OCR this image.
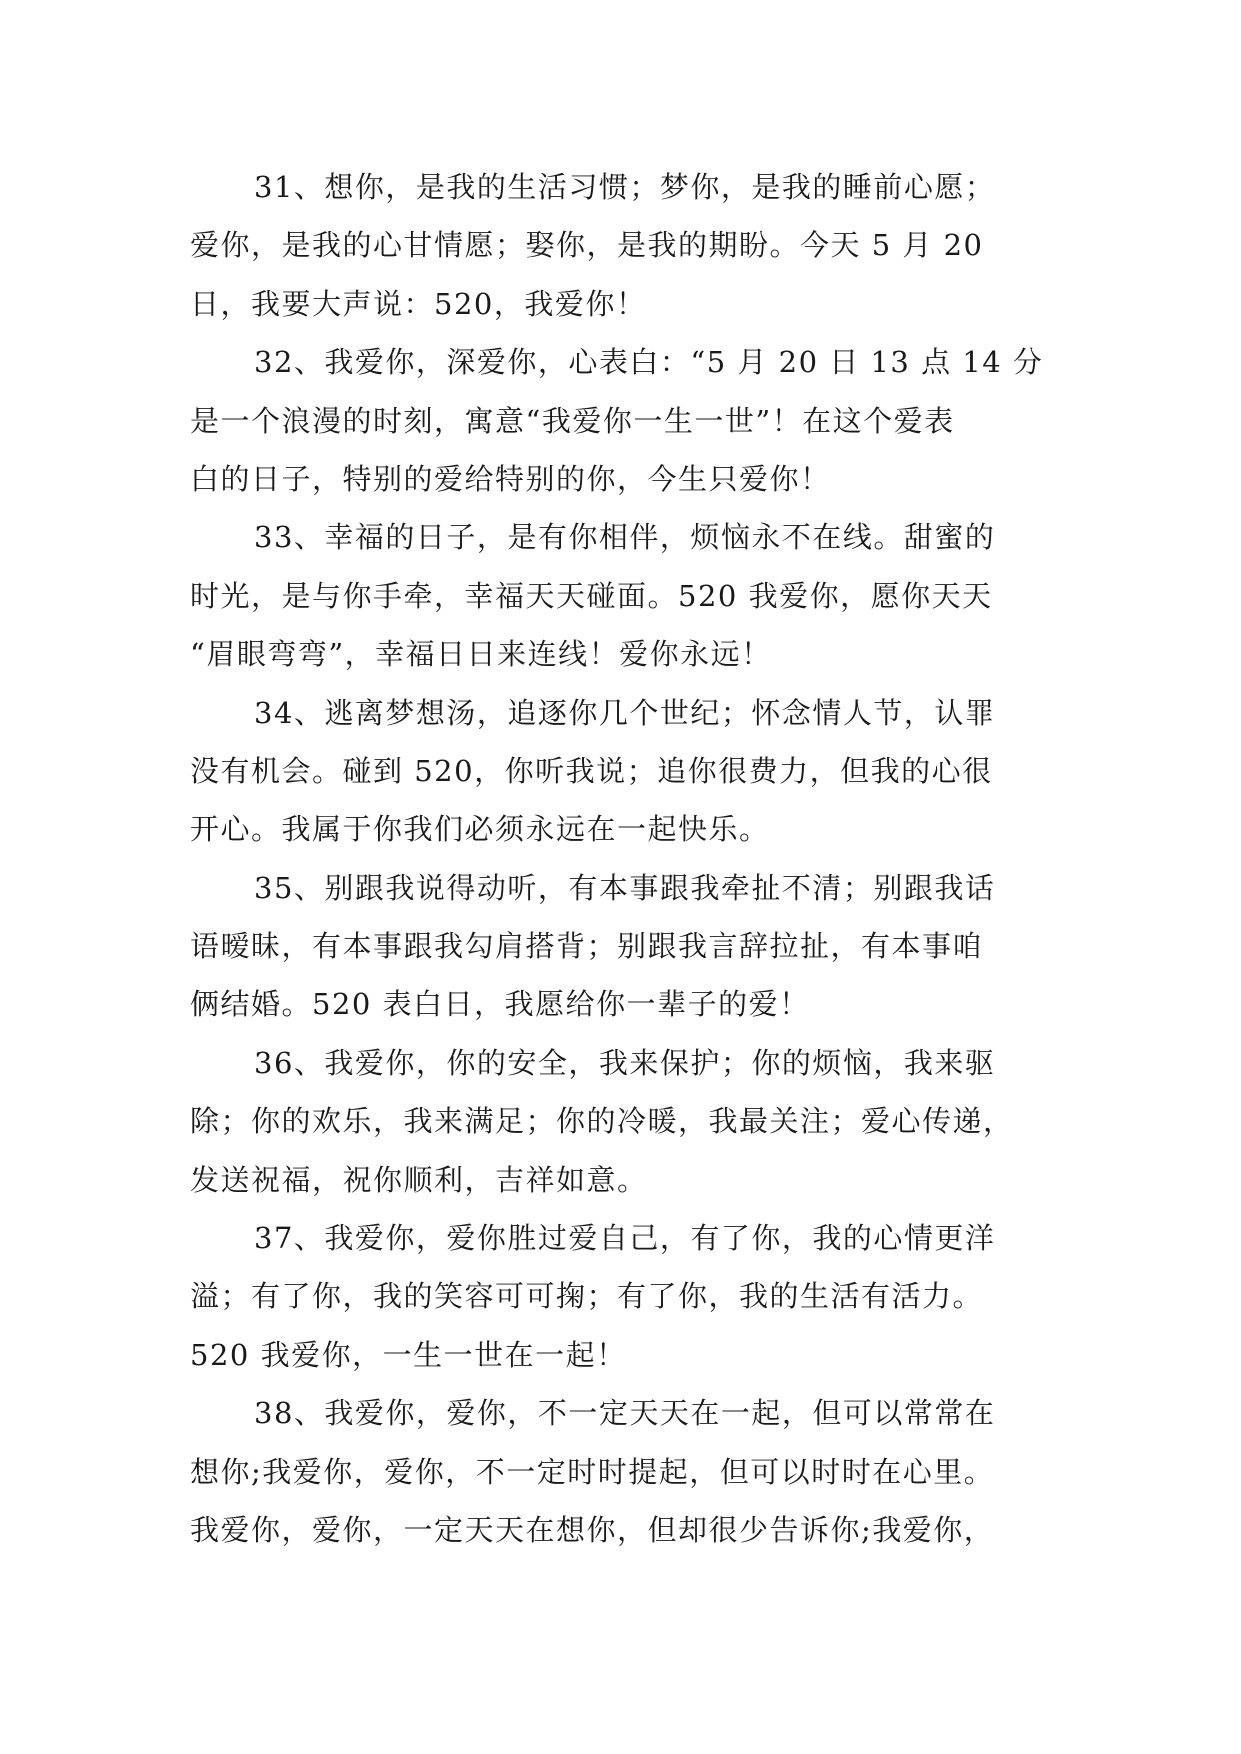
31、想你，是我的生活习惯；梦你，是我的睡前心愿；
爱你，是我的心甘情愿；娶你，是我的期盼。今天 5 月 20
日，我要大声说：520，我爱你！
32、我爱你，深爱你，心表白：“5 月 20 日 13 点 14 分
是一个浪漫的时刻，寓意“我爱你一生一世”！在这个爱表
白的日子，特别的爱给特别的你，今生只爱你！
33、幸福的日子，是有你相伴，烦恼永不在线。甜蜜的
时光，是与你手牵，幸福天天碰面。520 我爱你，愿你天天
“眉眼弯弯”，幸福日日来连线！爱你永远！
34、逃离梦想汤，追逐你几个世纪；怀念情人节，认罪
没有机会。碰到 520，你听我说；追你很费力，但我的心很
开心。我属于你我们必须永远在一起快乐。
35、别跟我说得动听，有本事跟我牵扯不清；别跟我话
语暧昧，有本事跟我勾肩搭背；别跟我言辞拉扯，有本事咱
俩结婚。520 表白日，我愿给你一辈子的爱！
36、我爱你，你的安全，我来保护；你的烦恼，我来驱
除；你的欢乐，我来满足；你的冷暖，我最关注；爱心传递，
发送祝福，祝你顺利，吉祥如意。
37、我爱你，爱你胜过爱自己，有了你，我的心情更洋
溢；有了你，我的笑容可可掬；有了你，我的生活有活力。
520 我爱你，一生一世在一起！
38、我爱你，爱你，不一定天天在一起，但可以常常在
想你;我爱你，爱你，不一定时时提起，但可以时时在心里。
我爱你，爱你，一定天天在想你，但却很少告诉你;我爱你，
